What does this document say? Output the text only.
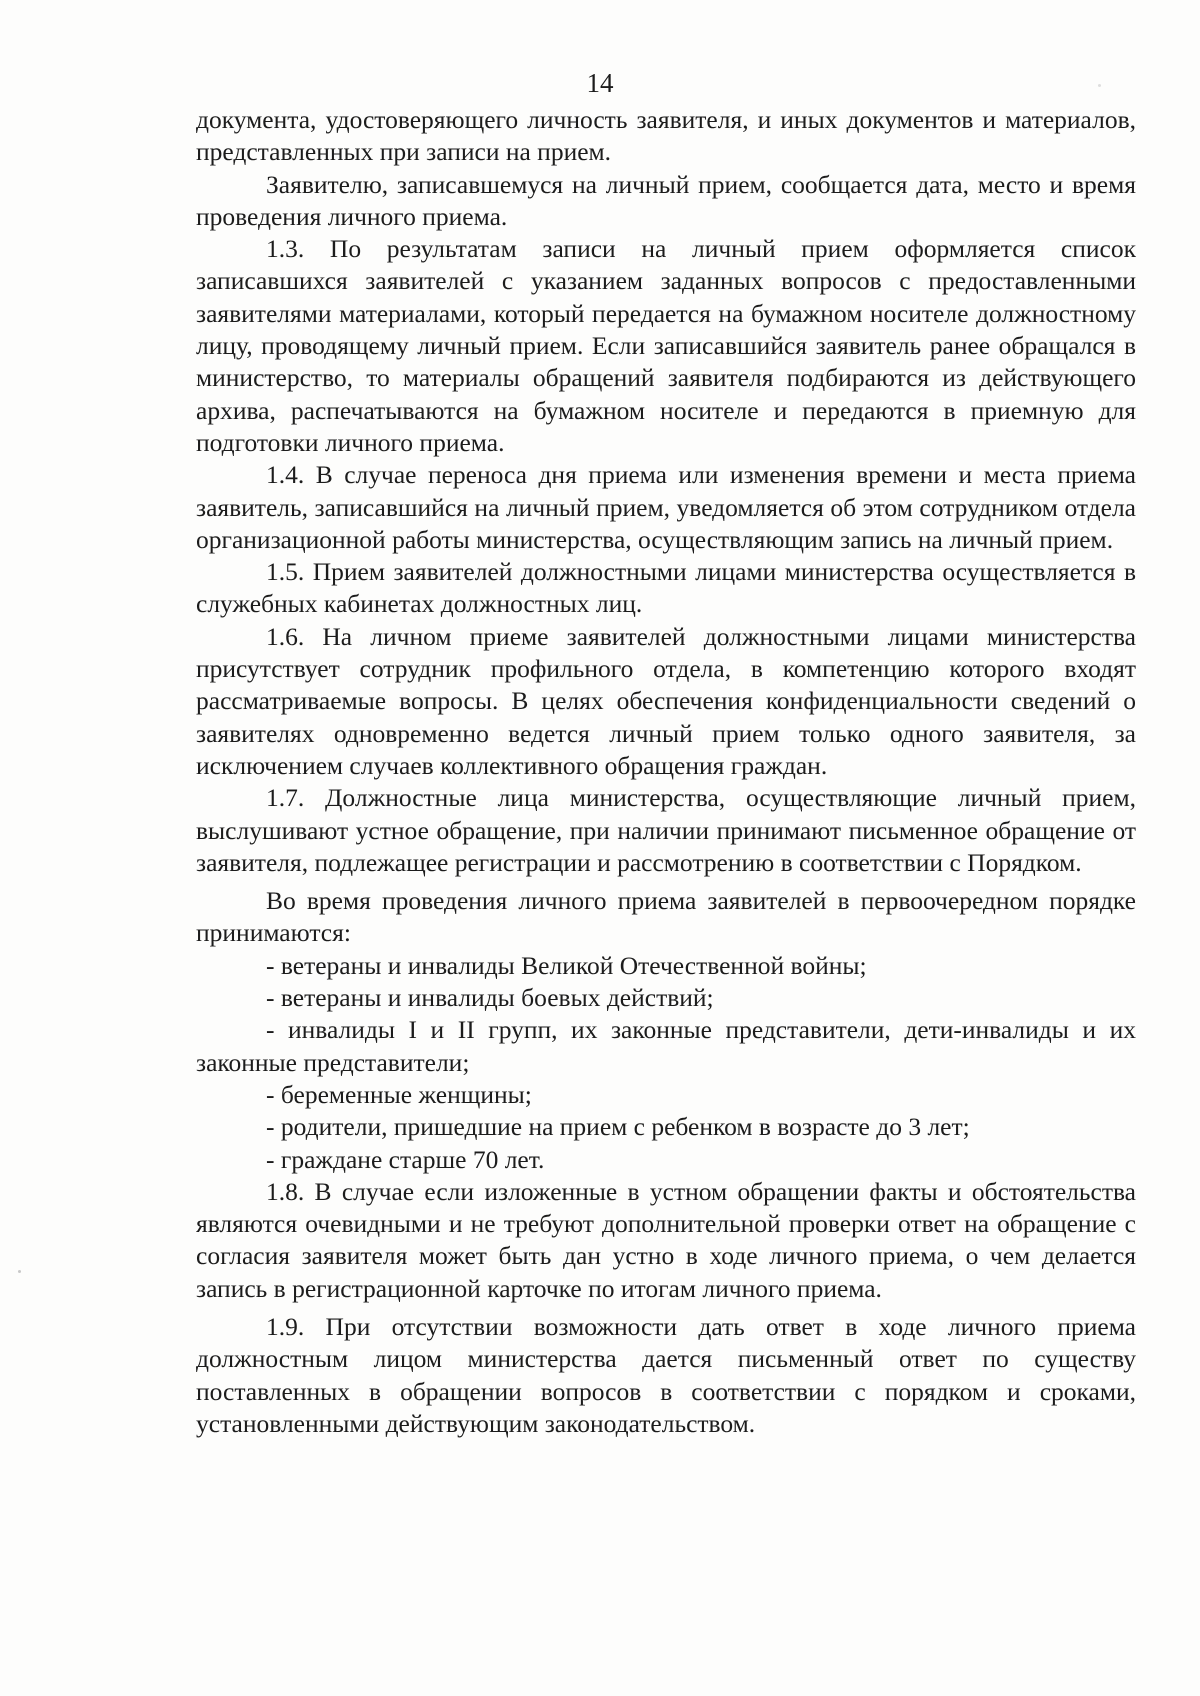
14

документа, удостоверяющего личность заявителя, и иных документов и материалов, представленных при записи на прием.

Заявителю, записавшемуся на личный прием, сообщается дата, место и время проведения личного приема.

1.3. По результатам записи на личный прием оформляется список записавшихся заявителей с указанием заданных вопросов с предоставленными заявителями материалами, который передается на бумажном носителе должностному лицу, проводящему личный прием. Если записавшийся заявитель ранее обращался в министерство, то материалы обращений заявителя подбираются из действующего архива, распечатываются на бумажном носителе и передаются в приемную для подготовки личного приема.

1.4. В случае переноса дня приема или изменения времени и места приема заявитель, записавшийся на личный прием, уведомляется об этом сотрудником отдела организационной работы министерства, осуществляющим запись на личный прием.

1.5. Прием заявителей должностными лицами министерства осуществляется в служебных кабинетах должностных лиц.

1.6. На личном приеме заявителей должностными лицами министерства присутствует сотрудник профильного отдела, в компетенцию которого входят рассматриваемые вопросы. В целях обеспечения конфиденциальности сведений о заявителях одновременно ведется личный прием только одного заявителя, за исключением случаев коллективного обращения граждан.

1.7. Должностные лица министерства, осуществляющие личный прием, выслушивают устное обращение, при наличии принимают письменное обращение от заявителя, подлежащее регистрации и рассмотрению в соответствии с Порядком.

Во время проведения личного приема заявителей в первоочередном порядке принимаются:

- ветераны и инвалиды Великой Отечественной войны;

- ветераны и инвалиды боевых действий;

- инвалиды I и II групп, их законные представители, дети-инвалиды и их законные представители;

- беременные женщины;

- родители, пришедшие на прием с ребенком в возрасте до 3 лет;

- граждане старше 70 лет.

1.8. В случае если изложенные в устном обращении факты и обстоятельства являются очевидными и не требуют дополнительной проверки ответ на обращение с согласия заявителя может быть дан устно в ходе личного приема, о чем делается запись в регистрационной карточке по итогам личного приема.

1.9. При отсутствии возможности дать ответ в ходе личного приема должностным лицом министерства дается письменный ответ по существу поставленных в обращении вопросов в соответствии с порядком и сроками, установленными действующим законодательством.
